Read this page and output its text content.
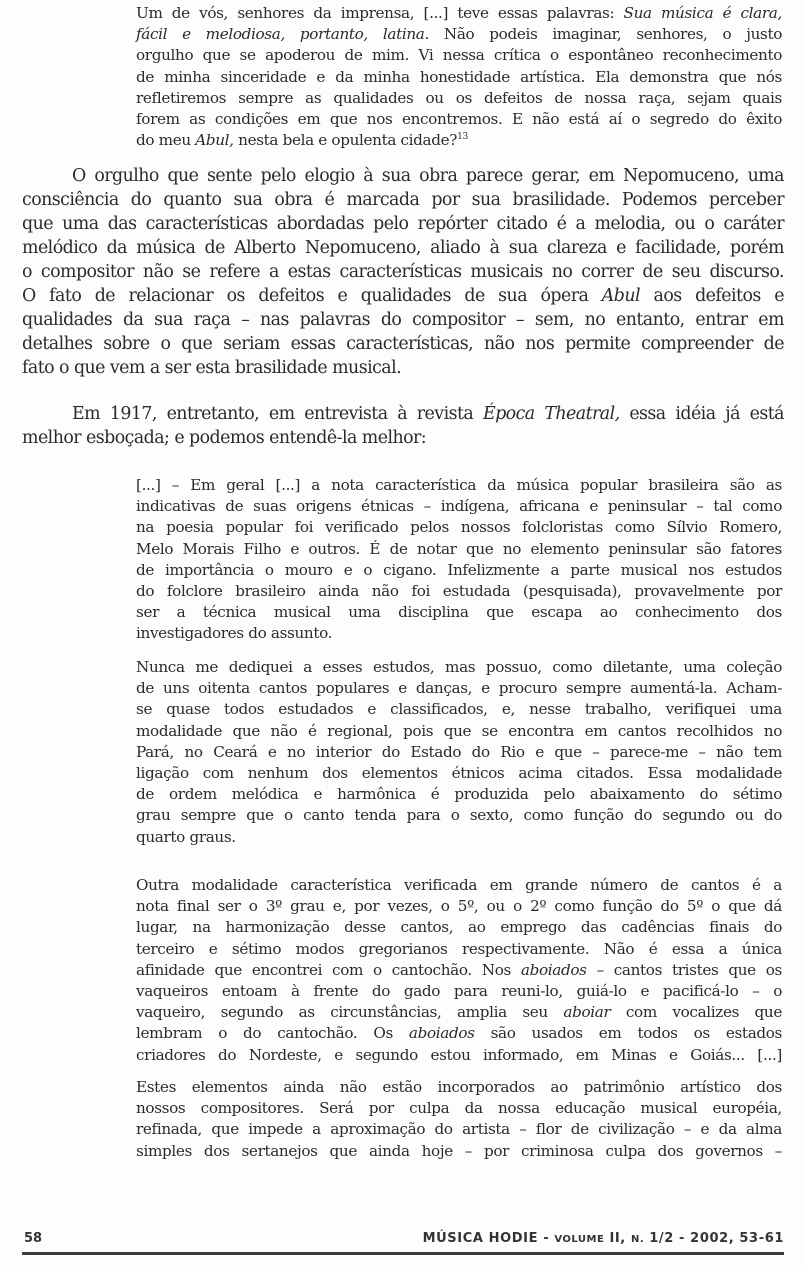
Um de vós, senhores da imprensa, [...] teve essas palavras: Sua música é clara,
fácil e melodiosa, portanto, latina. Não podeis imaginar, senhores, o justo
orgulho que se apoderou de mim. Vi nessa crítica o espontâneo reconhecimento
de minha sinceridade e da minha honestidade artística. Ela demonstra que nós
refletiremos sempre as qualidades ou os defeitos de nossa raça, sejam quais
forem as condições em que nos encontremos. E não está aí o segredo do êxito
do meu Abul, nesta bela e opulenta cidade?$^{13}$
O orgulho que sente pelo elogio à sua obra parece gerar, em Nepomuceno, uma
consciência do quanto sua obra é marcada por sua brasilidade. Podemos perceber
que uma das características abordadas pelo repórter citado é a melodia, ou o caráter
melódico da música de Alberto Nepomuceno, aliado à sua clareza e facilidade, porém
o compositor não se refere a estas características musicais no correr de seu discurso.
O fato de relacionar os defeitos e qualidades de sua ópera Abul aos defeitos e
qualidades da sua raça – nas palavras do compositor – sem, no entanto, entrar em
detalhes sobre o que seriam essas características, não nos permite compreender de
fato o que vem a ser esta brasilidade musical.
Em 1917, entretanto, em entrevista à revista Época Theatral, essa idéia já está
melhor esboçada; e podemos entendê-la melhor:
[...] – Em geral [...] a nota característica da música popular brasileira são as
indicativas de suas origens étnicas – indígena, africana e peninsular – tal como
na poesia popular foi verificado pelos nossos folcloristas como Sílvio Romero,
Melo Morais Filho e outros. É de notar que no elemento peninsular são fatores
de importância o mouro e o cigano. Infelizmente a parte musical nos estudos
do folclore brasileiro ainda não foi estudada (pesquisada), provavelmente por
ser a técnica musical uma disciplina que escapa ao conhecimento dos
investigadores do assunto.
Nunca me dediquei a esses estudos, mas possuo, como diletante, uma coleção
de uns oitenta cantos populares e danças, e procuro sempre aumentá-la. Acham-
se quase todos estudados e classificados, e, nesse trabalho, verifiquei uma
modalidade que não é regional, pois que se encontra em cantos recolhidos no
Pará, no Ceará e no interior do Estado do Rio e que – parece-me – não tem
ligação com nenhum dos elementos étnicos acima citados. Essa modalidade
de ordem melódica e harmônica é produzida pelo abaixamento do sétimo
grau sempre que o canto tenda para o sexto, como função do segundo ou do
quarto graus.
Outra modalidade característica verificada em grande número de cantos é a
nota final ser o 3º grau e, por vezes, o 5º, ou o 2º como função do 5º o que dá
lugar, na harmonização desse cantos, ao emprego das cadências finais do
terceiro e sétimo modos gregorianos respectivamente. Não é essa a única
afinidade que encontrei com o cantochão. Nos aboiados – cantos tristes que os
vaqueiros entoam à frente do gado para reuni-lo, guiá-lo e pacificá-lo – o
vaqueiro, segundo as circunstâncias, amplia seu aboiar com vocalizes que
lembram o do cantochão. Os aboiados são usados em todos os estados
criadores do Nordeste, e segundo estou informado, em Minas e Goiás... [...]
Estes elementos ainda não estão incorporados ao patrimônio artístico dos
nossos compositores. Será por culpa da nossa educação musical européia,
refinada, que impede a aproximação do artista – flor de civilização – e da alma
simples dos sertanejos que ainda hoje – por criminosa culpa dos governos –
58	MÚSICA HODIE - VOLUME II, N. 1/2 - 2002, 53-61
